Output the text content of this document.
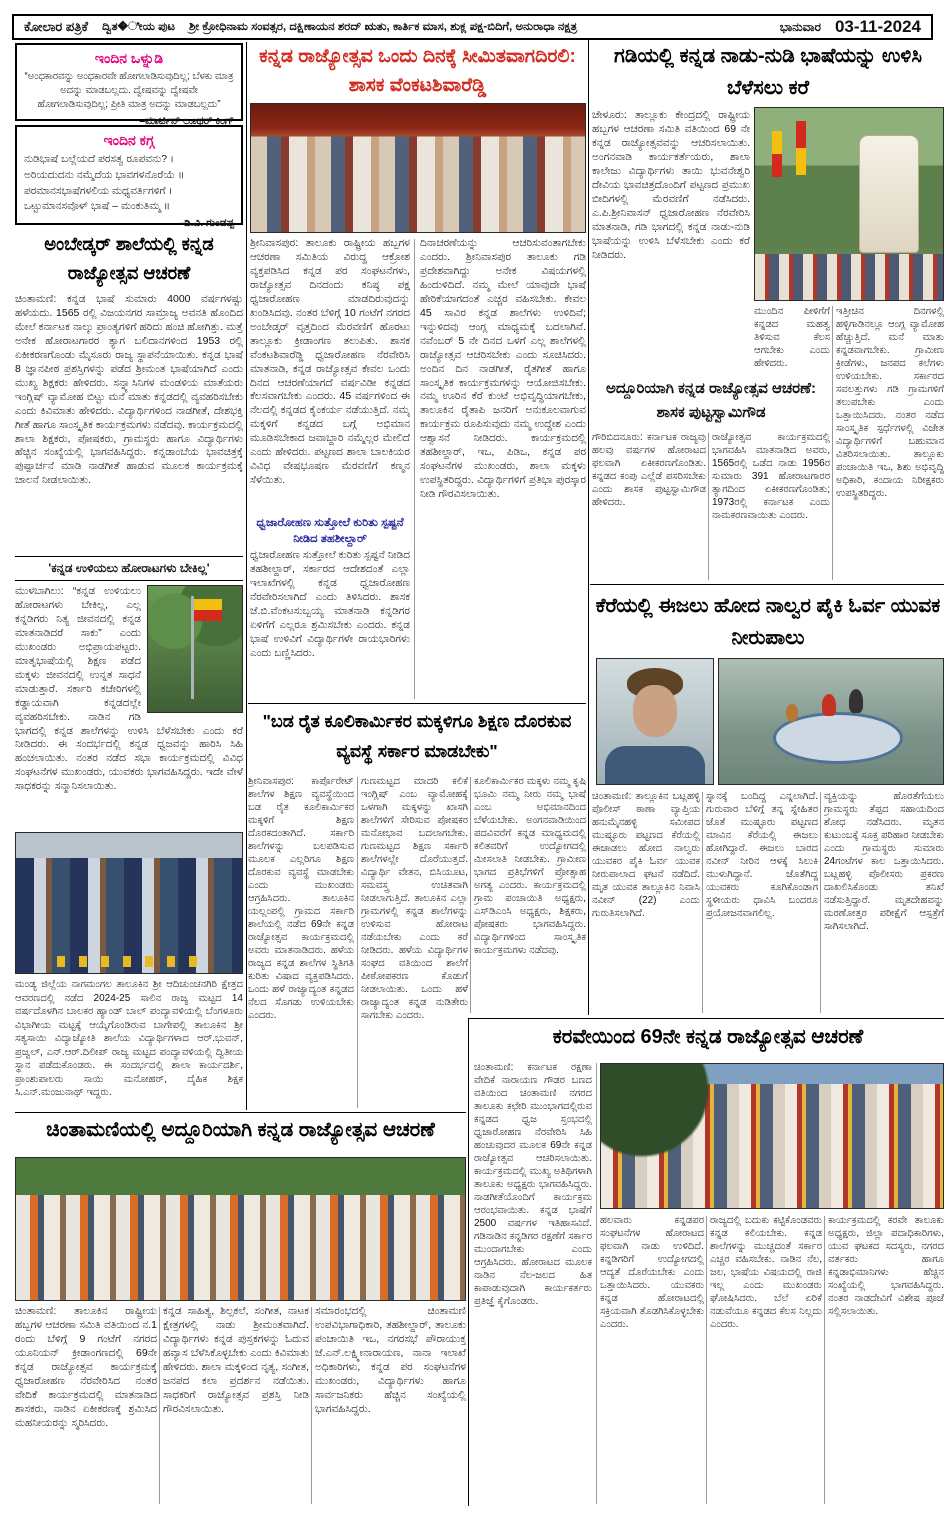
ಕೋಲಾರ ಪತ್ರಿಕೆ ದ್ವಿತ�ೀಯ ಪುಟ ಶ್ರೀ ಕ್ರೋಧಿನಾಮ ಸಂವತ್ಸರ, ದಕ್ಷಿಣಾಯನ ಶರದ್ ಋತು, ಕಾರ್ತಿಕ ಮಾಸ, ಶುಕ್ಲ ಪಕ್ಷ-ಬಿದಿಗೆ, ಅನುರಾಧಾ ನಕ್ಷತ್ರ	ಭಾನುವಾರ 03-11-2024
ಇಂದಿನ ಒಳ್ನುಡಿ
“ಅಂಧಕಾರವನ್ನು ಅಂಧಕಾರವೇ ಹೋಗಲಾಡಿಸುವುದಿಲ್ಲ; ಬೆಳಕು ಮಾತ್ರ ಅದನ್ನು ಮಾಡಬಲ್ಲದು. ದ್ವೇಷವನ್ನು ದ್ವೇಷವೇ ಹೋಗಲಾಡಿಸುವುದಿಲ್ಲ; ಪ್ರೀತಿ ಮಾತ್ರ ಅದನ್ನು ಮಾಡಬಲ್ಲದು”
–ಮಾರ್ಟಿನ್ ಲೂಥರ್ ಕಿಂಗ್
ಇಂದಿನ ಕಗ್ಗ
ನುಡಿಭಾಷೆ ಬಲ್ಲೆಯದೆ ಪರಸತ್ವ ರೂಪವನು? ।
ಅರಿಯದುದನು ನಮ್ಮೆದೆಯ ಭಾವಗಳನೊರೆಯೆ ॥
ಪರಮಾನಸಭಾಷೆಗಳಲಿಯ ಮಧ್ಯವರ್ತಿಗಳಿಗೆ ।
ಒಟ್ಟುಮಾನಸವೊಳ್ ಭಾಷೆ – ಮಂಕುತಿಮ್ಮ ॥
-ಡಿ.ವಿ. ಗುಂಡಪ್ಪ
ಅಂಬೇಡ್ಕರ್ ಶಾಲೆಯಲ್ಲಿ ಕನ್ನಡ ರಾಜ್ಯೋತ್ಸವ ಆಚರಣೆ
ಚಿಂತಾಮಣಿ: ಕನ್ನಡ ಭಾಷೆ ಸುಮಾರು 4000 ವರ್ಷಗಳಷ್ಟು ಹಳೆಯದು. 1565 ರಲ್ಲಿ ವಿಜಯನಗರ ಸಾಮ್ರಾಜ್ಯ ಅವನತಿ ಹೊಂದಿದ ಮೇಲೆ ಕರ್ನಾಟಕ ನಾಲ್ಕು ಪ್ರಾಂತ್ಯಗಳಿಗೆ ಹರಿದು ಹಂಚಿ ಹೋಗಿತ್ತು. ಮತ್ತೆ ಅನೇಕ ಹೋರಾಟಗಾರರ ತ್ಯಾಗ ಬಲಿದಾನಗಳಿಂದ 1953 ರಲ್ಲಿ ಏಕೀಕರಣಗೊಂಡು ಮೈಸೂರು ರಾಜ್ಯ ಸ್ಥಾಪನೆಯಾಯಿತು. ಕನ್ನಡ ಭಾಷೆ 8 ಜ್ಞಾನಪೀಠ ಪ್ರಶಸ್ತಿಗಳನ್ನು ಪಡೆದ ಶ್ರೀಮಂತ ಭಾಷೆಯಾಗಿದೆ ಎಂದು ಮುಖ್ಯ ಶಿಕ್ಷಕರು ಹೇಳಿದರು. ಸನ್ನ್ಯಾಸಿನಿಗಳ ಮಂಡಳಿಯ ಮಾತೆಯರು ಇಂಗ್ಲಿಷ್ ವ್ಯಾಮೋಹ ಬಿಟ್ಟು ಮನೆ ಮಾತು ಕನ್ನಡದಲ್ಲಿ ವ್ಯವಹರಿಸಬೇಕು ಎಂದು ಕಿವಿಮಾತು ಹೇಳಿದರು. ವಿದ್ಯಾರ್ಥಿಗಳಿಂದ ನಾಡಗೀತೆ, ದೇಶಭಕ್ತಿ ಗೀತೆ ಹಾಗೂ ಸಾಂಸ್ಕೃತಿಕ ಕಾರ್ಯಕ್ರಮಗಳು ನಡೆದವು. ಕಾರ್ಯಕ್ರಮದಲ್ಲಿ ಶಾಲಾ ಶಿಕ್ಷಕರು, ಪೋಷಕರು, ಗ್ರಾಮಸ್ಥರು ಹಾಗೂ ವಿದ್ಯಾರ್ಥಿಗಳು ಹೆಚ್ಚಿನ ಸಂಖ್ಯೆಯಲ್ಲಿ ಭಾಗವಹಿಸಿದ್ದರು. ಕನ್ನಡಾಂಬೆಯ ಭಾವಚಿತ್ರಕ್ಕೆ ಪುಷ್ಪಾರ್ಚನೆ ಮಾಡಿ ನಾಡಗೀತೆ ಹಾಡುವ ಮೂಲಕ ಕಾರ್ಯಕ್ರಮಕ್ಕೆ ಚಾಲನೆ ನೀಡಲಾಯಿತು.
'ಕನ್ನಡ ಉಳಿಯಲು ಹೋರಾಟಗಳು ಬೇಕಿಲ್ಲ'
ಮುಳಬಾಗಿಲು: “ಕನ್ನಡ ಉಳಿಯಲು ಹೋರಾಟಗಳು ಬೇಕಿಲ್ಲ, ಎಲ್ಲ ಕನ್ನಡಿಗರು ನಿತ್ಯ ಜೀವನದಲ್ಲಿ ಕನ್ನಡ ಮಾತನಾಡಿದರೆ ಸಾಕು” ಎಂದು ಮುಖಂಡರು ಅಭಿಪ್ರಾಯಪಟ್ಟರು. ಮಾತೃಭಾಷೆಯಲ್ಲಿ ಶಿಕ್ಷಣ ಪಡೆದ ಮಕ್ಕಳು ಜೀವನದಲ್ಲಿ ಉನ್ನತ ಸಾಧನೆ ಮಾಡುತ್ತಾರೆ. ಸರ್ಕಾರಿ ಕಚೇರಿಗಳಲ್ಲಿ ಕಡ್ಡಾಯವಾಗಿ ಕನ್ನಡದಲ್ಲೇ ವ್ಯವಹರಿಸಬೇಕು. ನಾಡಿನ ಗಡಿ ಭಾಗದಲ್ಲಿ ಕನ್ನಡ ಶಾಲೆಗಳನ್ನು ಉಳಿಸಿ ಬೆಳೆಸಬೇಕು ಎಂದು ಕರೆ ನೀಡಿದರು. ಈ ಸಂದರ್ಭದಲ್ಲಿ ಕನ್ನಡ ಧ್ವಜವನ್ನು ಹಾರಿಸಿ ಸಿಹಿ ಹಂಚಲಾಯಿತು. ನಂತರ ನಡೆದ ಸಭಾ ಕಾರ್ಯಕ್ರಮದಲ್ಲಿ ವಿವಿಧ ಸಂಘಟನೆಗಳ ಮುಖಂಡರು, ಯುವಕರು ಭಾಗವಹಿಸಿದ್ದರು. ಇದೇ ವೇಳೆ ಸಾಧಕರನ್ನು ಸನ್ಮಾನಿಸಲಾಯಿತು.
ಮಂಡ್ಯ ಜಿಲ್ಲೆಯ ನಾಗಮಂಗಲ ತಾಲೂಕಿನ ಶ್ರೀ ಆದಿಚುಂಚನಗಿರಿ ಕ್ಷೇತ್ರದ ಆವರಣದಲ್ಲಿ ನಡೆದ 2024-25 ಸಾಲಿನ ರಾಜ್ಯ ಮಟ್ಟದ 14 ವರ್ಷದೊಳಗಿನ ಬಾಲಕರ ಹ್ಯಾಂಡ್ ಬಾಲ್ ಪಂದ್ಯಾವಳಿಯಲ್ಲಿ ಬೆಂಗಳೂರು ವಿಭಾಗೀಯ ಮಟ್ಟಕ್ಕೆ ಆಯ್ಕೆಗೊಂಡಿರುವ ಬಾಗೇಪಲ್ಲಿ ತಾಲೂಕಿನ ಶ್ರೀ ಸತ್ಯಸಾಯಿ ವಿದ್ಯಾಜ್ಯೋತಿ ಶಾಲೆಯ ವಿದ್ಯಾರ್ಥಿಗಳಾದ ಆರ್.ಭುವನ್, ಪ್ರಜ್ವಲ್, ಎನ್.ಆರ್.ದಿಲೀಪ್ ರಾಜ್ಯ ಮಟ್ಟದ ಪಂದ್ಯಾವಳಿಯಲ್ಲಿ ದ್ವಿತೀಯ ಸ್ಥಾನ ಪಡೆದುಕೊಂಡರು. ಈ ಸಂದರ್ಭದಲ್ಲಿ ಶಾಲಾ ಕಾರ್ಯದರ್ಶಿ, ಪ್ರಾಂಶುಪಾಲರು ಸಾಯಿ ಮನೋಹರ್, ದೈಹಿಕ ಶಿಕ್ಷಕ ಸಿ.ಎನ್.ಮಂಜುನಾಥ್ ಇದ್ದರು.
ಕನ್ನಡ ರಾಜ್ಯೋತ್ಸವ ಒಂದು ದಿನಕ್ಕೆ ಸೀಮಿತವಾಗದಿರಲಿ: ಶಾಸಕ ವೆಂಕಟಶಿವಾರೆಡ್ಡಿ
ಶ್ರೀನಿವಾಸಪುರ: ತಾಲೂಕು ರಾಷ್ಟ್ರೀಯ ಹಬ್ಬಗಳ ಆಚರಣಾ ಸಮಿತಿಯ ವಿರುದ್ಧ ಆಕ್ರೋಶ ವ್ಯಕ್ತಪಡಿಸಿದ ಕನ್ನಡ ಪರ ಸಂಘಟನೆಗಳು, ರಾಜ್ಯೋತ್ಸವ ದಿನದಂದು ಕನಿಷ್ಠ ಪಕ್ಷ ಧ್ವಜಾರೋಹಣ ಮಾಡದಿರುವುದನ್ನು ಖಂಡಿಸಿದವು. ನಂತರ ಬೆಳಿಗ್ಗೆ 10 ಗಂಟೆಗೆ ನಗರದ ಅಂಬೇಡ್ಕರ್ ವೃತ್ತದಿಂದ ಮೆರವಣಿಗೆ ಹೊರಟು ತಾಲ್ಲೂಕು ಕ್ರೀಡಾಂಗಣ ತಲುಪಿತು. ಶಾಸಕ ವೆಂಕಟಶಿವಾರೆಡ್ಡಿ ಧ್ವಜಾರೋಹಣ ನೆರವೇರಿಸಿ ಮಾತನಾಡಿ, ಕನ್ನಡ ರಾಜ್ಯೋತ್ಸವ ಕೇವಲ ಒಂದು ದಿನದ ಆಚರಣೆಯಾಗದೆ ವರ್ಷವಿಡೀ ಕನ್ನಡದ ಕೆಲಸವಾಗಬೇಕು ಎಂದರು. 45 ವರ್ಷಗಳಿಂದ ಈ ನೆಲದಲ್ಲಿ ಕನ್ನಡದ ಕೈಂಕರ್ಯ ನಡೆಯುತ್ತಿದೆ. ನಮ್ಮ ಮಕ್ಕಳಿಗೆ ಕನ್ನಡದ ಬಗ್ಗೆ ಅಭಿಮಾನ ಮೂಡಿಸಬೇಕಾದ ಜವಾಬ್ದಾರಿ ನಮ್ಮೆಲ್ಲರ ಮೇಲಿದೆ ಎಂದು ಹೇಳಿದರು. ಪಟ್ಟಣದ ಶಾಲಾ ಬಾಲಕಿಯರ ವಿವಿಧ ವೇಷಭೂಷಣ ಮೆರವಣಿಗೆ ಕಣ್ಮನ ಸೆಳೆಯಿತು.
ಧ್ವಜಾರೋಹಣ ಸುತ್ತೋಲೆ ಕುರಿತು ಸ್ಪಷ್ಟನೆ ನೀಡಿದ ತಹಶೀಲ್ದಾರ್
ಧ್ವಜಾರೋಹಣ ಸುತ್ತೋಲೆ ಕುರಿತು ಸ್ಪಷ್ಟನೆ ನೀಡಿದ ತಹಶೀಲ್ದಾರ್, ಸರ್ಕಾರದ ಆದೇಶದಂತೆ ಎಲ್ಲಾ ಇಲಾಖೆಗಳಲ್ಲಿ ಕನ್ನಡ ಧ್ವಜಾರೋಹಣ ನೆರವೇರಿಸಲಾಗಿದೆ ಎಂದು ತಿಳಿಸಿದರು. ಶಾಸಕ ಜೆ.ಬಿ.ವೆಂಕಟಸುಬ್ಬಯ್ಯ ಮಾತನಾಡಿ ಕನ್ನಡಿಗರ ಏಳಿಗೆಗೆ ಎಲ್ಲರೂ ಶ್ರಮಿಸಬೇಕು ಎಂದರು. ಕನ್ನಡ ಭಾಷೆ ಉಳಿವಿಗೆ ವಿದ್ಯಾರ್ಥಿಗಳೇ ರಾಯಭಾರಿಗಳು ಎಂದು ಬಣ್ಣಿಸಿದರು.
ದಿನಾಚರಣೆಯನ್ನು ಆಚರಿಸುವಂತಾಗಬೇಕು ಎಂದರು. ಶ್ರೀನಿವಾಸಪುರ ತಾಲೂಕು ಗಡಿ ಪ್ರದೇಶವಾಗಿದ್ದು ಅನೇಕ ವಿಷಯಗಳಲ್ಲಿ ಹಿಂದುಳಿದಿದೆ. ನಮ್ಮ ಮೇಲೆ ಯಾವುದೇ ಭಾಷೆ ಹೇರಿಕೆಯಾಗದಂತೆ ಎಚ್ಚರ ವಹಿಸಬೇಕು. ಕೇವಲ 45 ಸಾವಿರ ಕನ್ನಡ ಶಾಲೆಗಳು ಉಳಿದಿವೆ; ಇನ್ನುಳಿದವು ಆಂಗ್ಲ ಮಾಧ್ಯಮಕ್ಕೆ ಬದಲಾಗಿವೆ. ನವೆಂಬರ್ 5 ನೇ ದಿನದ ಒಳಗೆ ಎಲ್ಲ ಶಾಲೆಗಳಲ್ಲಿ ರಾಜ್ಯೋತ್ಸವ ಆಚರಿಸಬೇಕು ಎಂದು ಸೂಚಿಸಿದರು. ಅಂದಿನ ದಿನ ನಾಡಗೀತೆ, ರೈತಗೀತೆ ಹಾಗೂ ಸಾಂಸ್ಕೃತಿಕ ಕಾರ್ಯಕ್ರಮಗಳನ್ನು ಆಯೋಜಿಸಬೇಕು. ನಮ್ಮ ಊರಿನ ಕೆರೆ ಕುಂಟೆ ಅಭಿವೃದ್ಧಿಯಾಗಬೇಕು, ತಾಲೂಕಿನ ರೈತಾಪಿ ಜನರಿಗೆ ಅನುಕೂಲವಾಗುವ ಕಾರ್ಯಕ್ರಮ ರೂಪಿಸುವುದು ನಮ್ಮ ಉದ್ದೇಶ ಎಂದು ಆಶ್ವಾಸನೆ ನೀಡಿದರು. ಕಾರ್ಯಕ್ರಮದಲ್ಲಿ ತಹಶೀಲ್ದಾರ್, ಇಒ, ಪಿಡಿಒ, ಕನ್ನಡ ಪರ ಸಂಘಟನೆಗಳ ಮುಖಂಡರು, ಶಾಲಾ ಮಕ್ಕಳು ಉಪಸ್ಥಿತರಿದ್ದರು. ವಿದ್ಯಾರ್ಥಿಗಳಿಗೆ ಪ್ರತಿಭಾ ಪುರಸ್ಕಾರ ನೀಡಿ ಗೌರವಿಸಲಾಯಿತು.
"ಬಡ ರೈತ ಕೂಲಿಕಾರ್ಮಿಕರ ಮಕ್ಕಳಿಗೂ ಶಿಕ್ಷಣ ದೊರಕುವ ವ್ಯವಸ್ಥೆ ಸರ್ಕಾರ ಮಾಡಬೇಕು"
ಶ್ರೀನಿವಾಸಪುರ: ಕಾರ್ಪೊರೇಟ್ ಶಾಲೆಗಳ ಶಿಕ್ಷಣ ವ್ಯವಸ್ಥೆಯಿಂದ ಬಡ ರೈತ ಕೂಲಿಕಾರ್ಮಿಕರ ಮಕ್ಕಳಿಗೆ ಶಿಕ್ಷಣ ದೊರಕದಂತಾಗಿದೆ. ಸರ್ಕಾರಿ ಶಾಲೆಗಳನ್ನು ಬಲಪಡಿಸುವ ಮೂಲಕ ಎಲ್ಲರಿಗೂ ಶಿಕ್ಷಣ ದೊರಕುವ ವ್ಯವಸ್ಥೆ ಮಾಡಬೇಕು ಎಂದು ಮುಖಂಡರು ಆಗ್ರಹಿಸಿದರು. ತಾಲೂಕಿನ ಯಲ್ಲಂಪಲ್ಲಿ ಗ್ರಾಮದ ಸರ್ಕಾರಿ ಶಾಲೆಯಲ್ಲಿ ನಡೆದ 69ನೇ ಕನ್ನಡ ರಾಜ್ಯೋತ್ಸವ ಕಾರ್ಯಕ್ರಮದಲ್ಲಿ ಅವರು ಮಾತನಾಡಿದರು. ಹಳೆಯ ರಾಜ್ಯದ ಕನ್ನಡ ಶಾಲೆಗಳ ಸ್ಥಿತಿಗತಿ ಕುರಿತು ವಿಷಾದ ವ್ಯಕ್ತಪಡಿಸಿದರು. ಒಂದು ಹಳೆ ರಾಜ್ಯಾದ್ಯಂತ ಕನ್ನಡದ ನೆಲದ ಸೊಗಡು ಉಳಿಯಬೇಕು ಎಂದರು.
ಗುಣಮಟ್ಟದ ಮಾದರಿ ಕಲಿಕೆ ಇಂಗ್ಲಿಷ್ ಎಂಬ ವ್ಯಾಮೋಹಕ್ಕೆ ಒಳಗಾಗಿ ಮಕ್ಕಳನ್ನು ಖಾಸಗಿ ಶಾಲೆಗಳಿಗೆ ಸೇರಿಸುವ ಪೋಷಕರ ಮನೋಭಾವ ಬದಲಾಗಬೇಕು. ಗುಣಮಟ್ಟದ ಶಿಕ್ಷಣ ಸರ್ಕಾರಿ ಶಾಲೆಗಳಲ್ಲೇ ದೊರೆಯುತ್ತದೆ. ವಿದ್ಯಾರ್ಥಿ ವೇತನ, ಬಿಸಿಯೂಟ, ಸಮವಸ್ತ್ರ ಉಚಿತವಾಗಿ ನೀಡಲಾಗುತ್ತಿದೆ. ತಾಲೂಕಿನ ಎಲ್ಲಾ ಗ್ರಾಮಗಳಲ್ಲಿ ಕನ್ನಡ ಶಾಲೆಗಳನ್ನು ಉಳಿಸುವ ಹೋರಾಟ ನಡೆಯಬೇಕು ಎಂದು ಕರೆ ನೀಡಿದರು. ಹಳೆಯ ವಿದ್ಯಾರ್ಥಿಗಳ ಸಂಘದ ವತಿಯಿಂದ ಶಾಲೆಗೆ ಪೀಠೋಪಕರಣ ಕೊಡುಗೆ ನೀಡಲಾಯಿತು. ಒಂದು ಹಳೆ ರಾಜ್ಯಾದ್ಯಂತ ಕನ್ನಡ ನುಡಿತೇರು ಸಾಗಬೇಕು ಎಂದರು.
ಕೂಲಿಕಾರ್ಮಿಕರ ಮಕ್ಕಳು ನಮ್ಮ ಕೃಷಿ ಭೂಮಿ ನಮ್ಮ ನೀರು ನಮ್ಮ ಭಾಷೆ ಎಂಬ ಅಭಿಮಾನದಿಂದ ಬೆಳೆಯಬೇಕು. ಅಂಗನವಾಡಿಯಿಂದ ಪದವಿವರೆಗೆ ಕನ್ನಡ ಮಾಧ್ಯಮದಲ್ಲಿ ಕಲಿತವರಿಗೆ ಉದ್ಯೋಗದಲ್ಲಿ ಮೀಸಲಾತಿ ನೀಡಬೇಕು. ಗ್ರಾಮೀಣ ಭಾಗದ ಪ್ರತಿಭೆಗಳಿಗೆ ಪ್ರೋತ್ಸಾಹ ಅಗತ್ಯ ಎಂದರು. ಕಾರ್ಯಕ್ರಮದಲ್ಲಿ ಗ್ರಾಮ ಪಂಚಾಯಿತಿ ಅಧ್ಯಕ್ಷರು, ಎಸ್‌ಡಿಎಂಸಿ ಅಧ್ಯಕ್ಷರು, ಶಿಕ್ಷಕರು, ಪೋಷಕರು ಭಾಗವಹಿಸಿದ್ದರು. ವಿದ್ಯಾರ್ಥಿಗಳಿಂದ ಸಾಂಸ್ಕೃತಿಕ ಕಾರ್ಯಕ್ರಮಗಳು ನಡೆದವು.
ಗಡಿಯಲ್ಲಿ ಕನ್ನಡ ನಾಡು-ನುಡಿ ಭಾಷೆಯನ್ನು ಉಳಿಸಿ ಬೆಳೆಸಲು ಕರೆ
ಚೇಳೂರು: ತಾಲ್ಲೂಕು ಕೇಂದ್ರದಲ್ಲಿ ರಾಷ್ಟ್ರೀಯ ಹಬ್ಬಗಳ ಆಚರಣಾ ಸಮಿತಿ ವತಿಯಿಂದ 69 ನೇ ಕನ್ನಡ ರಾಜ್ಯೋತ್ಸವವನ್ನು ಆಚರಿಸಲಾಯಿತು. ಅಂಗನವಾಡಿ ಕಾರ್ಯಕರ್ತೆಯರು, ಶಾಲಾ ಕಾಲೇಜು ವಿದ್ಯಾರ್ಥಿಗಳು ತಾಯಿ ಭುವನೇಶ್ವರಿ ದೇವಿಯ ಭಾವಚಿತ್ರದೊಂದಿಗೆ ಪಟ್ಟಣದ ಪ್ರಮುಖ ಬೀದಿಗಳಲ್ಲಿ ಮೆರವಣಿಗೆ ನಡೆಸಿದರು. ಎ.ಪಿ.ಶ್ರೀನಿವಾಸನ್ ಧ್ವಜಾರೋಹಣ ನೆರವೇರಿಸಿ ಮಾತನಾಡಿ, ಗಡಿ ಭಾಗದಲ್ಲಿ ಕನ್ನಡ ನಾಡು-ನುಡಿ ಭಾಷೆಯನ್ನು ಉಳಿಸಿ ಬೆಳೆಸಬೇಕು ಎಂದು ಕರೆ ನೀಡಿದರು.
ಮುಂದಿನ ಪೀಳಿಗೆಗೆ ಕನ್ನಡದ ಮಹತ್ವ ತಿಳಿಸುವ ಕೆಲಸ ಆಗಬೇಕು ಎಂದು ಹೇಳಿದರು.
ಇತ್ತೀಚಿನ ದಿನಗಳಲ್ಲಿ ಹಳ್ಳಿಗಾಡಿನಲ್ಲೂ ಆಂಗ್ಲ ವ್ಯಾಮೋಹ ಹೆಚ್ಚುತ್ತಿದೆ. ಮನೆ ಮಾತು ಕನ್ನಡವಾಗಬೇಕು. ಗ್ರಾಮೀಣ ಕ್ರೀಡೆಗಳು, ಜನಪದ ಕಲೆಗಳು ಉಳಿಯಬೇಕು. ಸರ್ಕಾರದ ಸವಲತ್ತುಗಳು ಗಡಿ ಗ್ರಾಮಗಳಿಗೆ ತಲುಪಬೇಕು ಎಂದು ಒತ್ತಾಯಿಸಿದರು. ನಂತರ ನಡೆದ ಸಾಂಸ್ಕೃತಿಕ ಸ್ಪರ್ಧೆಗಳಲ್ಲಿ ವಿಜೇತ ವಿದ್ಯಾರ್ಥಿಗಳಿಗೆ ಬಹುಮಾನ ವಿತರಿಸಲಾಯಿತು. ತಾಲ್ಲೂಕು ಪಂಚಾಯಿತಿ ಇಒ, ಶಿಶು ಅಭಿವೃದ್ಧಿ ಅಧಿಕಾರಿ, ಕಂದಾಯ ನಿರೀಕ್ಷಕರು ಉಪಸ್ಥಿತರಿದ್ದರು.
ಅದ್ದೂರಿಯಾಗಿ ಕನ್ನಡ ರಾಜ್ಯೋತ್ಸವ ಆಚರಣೆ: ಶಾಸಕ ಪುಟ್ಟಸ್ವಾಮಿಗೌಡ
ಗೌರಿಬಿದನೂರು: ಕರ್ನಾಟಕ ರಾಜ್ಯವು ಹಲವು ವರ್ಷಗಳ ಹೋರಾಟದ ಫಲವಾಗಿ ಏಕೀಕರಣಗೊಂಡಿತು. ಕನ್ನಡದ ಕಂಪು ಎಲ್ಲೆಡೆ ಪಸರಿಸಬೇಕು ಎಂದು ಶಾಸಕ ಪುಟ್ಟಸ್ವಾಮಿಗೌಡ ಹೇಳಿದರು.
ರಾಜ್ಯೋತ್ಸವ ಕಾರ್ಯಕ್ರಮದಲ್ಲಿ ಭಾಗವಹಿಸಿ ಮಾತನಾಡಿದ ಅವರು, 1565ರಲ್ಲಿ ಒಡೆದ ನಾಡು 1956ರ ಸುಮಾರು 391 ಹೋರಾಟಗಾರರ ತ್ಯಾಗದಿಂದ ಏಕೀಕರಣಗೊಂಡಿತು; 1973ರಲ್ಲಿ ಕರ್ನಾಟಕ ಎಂದು ನಾಮಕರಣವಾಯಿತು ಎಂದರು.
ಕೆರೆಯಲ್ಲಿ ಈಜಲು ಹೋದ ನಾಲ್ವರ ಪೈಕಿ ಓರ್ವ ಯುವಕ ನೀರುಪಾಲು
ಚಿಂತಾಮಣಿ: ತಾಲ್ಲೂಕಿನ ಬಟ್ಲಹಳ್ಳಿ ಪೊಲೀಸ್ ಠಾಣಾ ವ್ಯಾಪ್ತಿಯ ಹನುಮೈನಹಳ್ಳಿ ಸಮೀಪದ ಮುಷ್ಟೂರು ಪಟ್ಟಣದ ಕೆರೆಯಲ್ಲಿ ಈಜಾಡಲು ಹೋದ ನಾಲ್ವರು ಯುವಕರ ಪೈಕಿ ಓರ್ವ ಯುವಕ ನೀರುಪಾಲಾದ ಘಟನೆ ನಡೆದಿದೆ. ಮೃತ ಯುವಕ ತಾಲ್ಲೂಕಿನ ನಿವಾಸಿ ನವೀನ್ (22) ಎಂದು ಗುರುತಿಸಲಾಗಿದೆ.
ಸ್ನಾನಕ್ಕೆ ಬಂದಿದ್ದ ಎನ್ನಲಾಗಿದೆ. ಗುರುವಾರ ಬೆಳಿಗ್ಗೆ ತನ್ನ ಸ್ನೇಹಿತರ ಜೊತೆ ಮುಷ್ಟೂರು ಪಟ್ಟಣದ ಮಾವಿನ ಕೆರೆಯಲ್ಲಿ ಈಜಲು ಹೋಗಿದ್ದಾರೆ. ಈಜಲು ಬಾರದ ನವೀನ್ ನೀರಿನ ಆಳಕ್ಕೆ ಸಿಲುಕಿ ಮುಳುಗಿದ್ದಾನೆ. ಜೊತೆಗಿದ್ದ ಯುವಕರು ಕೂಗಿಕೊಂಡಾಗ ಸ್ಥಳೀಯರು ಧಾವಿಸಿ ಬಂದರೂ ಪ್ರಯೋಜನವಾಗಲಿಲ್ಲ.
ವ್ಯಕ್ತಿಯನ್ನು ಹೊರತೆಗೆಯಲು ಗ್ರಾಮಸ್ಥರು ತೆಪ್ಪದ ಸಹಾಯದಿಂದ ಶೋಧ ನಡೆಸಿದರು. ಮೃತನ ಕುಟುಂಬಕ್ಕೆ ಸೂಕ್ತ ಪರಿಹಾರ ನೀಡಬೇಕು ಎಂದು ಗ್ರಾಮಸ್ಥರು ಸುಮಾರು 24ಗಂಟೆಗಳ ಕಾಲ ಒತ್ತಾಯಿಸಿದರು. ಬಟ್ಲಹಳ್ಳಿ ಪೊಲೀಸರು ಪ್ರಕರಣ ದಾಖಲಿಸಿಕೊಂಡು ತನಿಖೆ ನಡೆಸುತ್ತಿದ್ದಾರೆ. ಮೃತದೇಹವನ್ನು ಮರಣೋತ್ತರ ಪರೀಕ್ಷೆಗೆ ಆಸ್ಪತ್ರೆಗೆ ಸಾಗಿಸಲಾಗಿದೆ.
ಕರವೇಯಿಂದ 69ನೇ ಕನ್ನಡ ರಾಜ್ಯೋತ್ಸವ ಆಚರಣೆ
ಚಿಂತಾಮಣಿ: ಕರ್ನಾಟಕ ರಕ್ಷಣಾ ವೇದಿಕೆ ನಾರಾಯಣ ಗೌಡರ ಬಣದ ವತಿಯಿಂದ ಚಿಂತಾಮಣಿ ನಗರದ ತಾಲೂಕು ಕಛೇರಿ ಮುಂಭಾಗದಲ್ಲಿರುವ ಕನ್ನಡದ ಧ್ವಜ ಸ್ತಂಭದಲ್ಲಿ ಧ್ವಜಾರೋಹಣ ನೆರವೇರಿಸಿ ಸಿಹಿ ಹಂಚುವುದರ ಮೂಲಕ 69ನೇ ಕನ್ನಡ ರಾಜ್ಯೋತ್ಸವ ಆಚರಿಸಲಾಯಿತು. ಕಾರ್ಯಕ್ರಮದಲ್ಲಿ ಮುಖ್ಯ ಅತಿಥಿಗಳಾಗಿ ತಾಲೂಕು ಅಧ್ಯಕ್ಷರು ಭಾಗವಹಿಸಿದ್ದರು. ನಾಡಗೀತೆಯೊಂದಿಗೆ ಕಾರ್ಯಕ್ರಮ ಆರಂಭವಾಯಿತು. ಕನ್ನಡ ಭಾಷೆಗೆ 2500 ವರ್ಷಗಳ ಇತಿಹಾಸವಿದೆ. ಗಡಿನಾಡಿನ ಕನ್ನಡಿಗರ ರಕ್ಷಣೆಗೆ ಸರ್ಕಾರ ಮುಂದಾಗಬೇಕು ಎಂದು ಆಗ್ರಹಿಸಿದರು. ಹೋರಾಟದ ಮೂಲಕ ನಾಡಿನ ನೆಲ-ಜಲದ ಹಿತ ಕಾಪಾಡುವುದಾಗಿ ಕಾರ್ಯಕರ್ತರು ಪ್ರತಿಜ್ಞೆ ಕೈಗೊಂಡರು.
ಹಲವಾರು ಕನ್ನಡಪರ ಸಂಘಟನೆಗಳ ಹೋರಾಟದ ಫಲವಾಗಿ ನಾಡು ಉಳಿದಿದೆ. ಕನ್ನಡಿಗರಿಗೆ ಉದ್ಯೋಗದಲ್ಲಿ ಆದ್ಯತೆ ದೊರೆಯಬೇಕು ಎಂದು ಒತ್ತಾಯಿಸಿದರು. ಯುವಕರು ಕನ್ನಡ ಹೋರಾಟದಲ್ಲಿ ಸಕ್ರಿಯವಾಗಿ ತೊಡಗಿಸಿಕೊಳ್ಳಬೇಕು ಎಂದರು.
ರಾಜ್ಯದಲ್ಲಿ ಬದುಕು ಕಟ್ಟಿಕೊಂಡವರು ಕನ್ನಡ ಕಲಿಯಬೇಕು. ಕನ್ನಡ ಶಾಲೆಗಳನ್ನು ಮುಚ್ಚದಂತೆ ಸರ್ಕಾರ ಎಚ್ಚರ ವಹಿಸಬೇಕು. ನಾಡಿನ ನೆಲ, ಜಲ, ಭಾಷೆಯ ವಿಷಯದಲ್ಲಿ ರಾಜಿ ಇಲ್ಲ ಎಂದು ಮುಖಂಡರು ಘೋಷಿಸಿದರು. ಬೆಲೆ ಏರಿಕೆ ನಡುವೆಯೂ ಕನ್ನಡದ ಕೆಲಸ ನಿಲ್ಲದು ಎಂದರು.
ಕಾರ್ಯಕ್ರಮದಲ್ಲಿ ಕರವೇ ತಾಲೂಕು ಅಧ್ಯಕ್ಷರು, ಜಿಲ್ಲಾ ಪದಾಧಿಕಾರಿಗಳು, ಯುವ ಘಟಕದ ಸದಸ್ಯರು, ನಗರದ ವರ್ತಕರು ಹಾಗೂ ಕನ್ನಡಾಭಿಮಾನಿಗಳು ಹೆಚ್ಚಿನ ಸಂಖ್ಯೆಯಲ್ಲಿ ಭಾಗವಹಿಸಿದ್ದರು. ನಂತರ ನಾಡದೇವಿಗೆ ವಿಶೇಷ ಪೂಜೆ ಸಲ್ಲಿಸಲಾಯಿತು.
ಚಿಂತಾಮಣಿಯಲ್ಲಿ ಅದ್ದೂರಿಯಾಗಿ ಕನ್ನಡ ರಾಜ್ಯೋತ್ಸವ ಆಚರಣೆ
ಚಿಂತಾಮಣಿ: ತಾಲೂಕಿನ ರಾಷ್ಟ್ರೀಯ ಹಬ್ಬಗಳ ಆಚರಣಾ ಸಮಿತಿ ವತಿಯಿಂದ ನ.1 ರಂದು ಬೆಳಿಗ್ಗೆ 9 ಗಂಟೆಗೆ ನಗರದ ಯೂನಿಯನ್ ಕ್ರೀಡಾಂಗಣದಲ್ಲಿ 69ನೇ ಕನ್ನಡ ರಾಜ್ಯೋತ್ಸವ ಕಾರ್ಯಕ್ರಮಕ್ಕೆ ಧ್ವಜಾರೋಹಣ ನೆರವೇರಿಸಿದ ನಂತರ ವೇದಿಕೆ ಕಾರ್ಯಕ್ರಮದಲ್ಲಿ ಮಾತನಾಡಿದ ಶಾಸಕರು, ನಾಡಿನ ಏಕೀಕರಣಕ್ಕೆ ಶ್ರಮಿಸಿದ ಮಹನೀಯರನ್ನು ಸ್ಮರಿಸಿದರು.
ಕನ್ನಡ ಸಾಹಿತ್ಯ, ಶಿಲ್ಪಕಲೆ, ಸಂಗೀತ, ನಾಟಕ ಕ್ಷೇತ್ರಗಳಲ್ಲಿ ನಾಡು ಶ್ರೀಮಂತವಾಗಿದೆ. ವಿದ್ಯಾರ್ಥಿಗಳು ಕನ್ನಡ ಪುಸ್ತಕಗಳನ್ನು ಓದುವ ಹವ್ಯಾಸ ಬೆಳೆಸಿಕೊಳ್ಳಬೇಕು ಎಂದು ಕಿವಿಮಾತು ಹೇಳಿದರು. ಶಾಲಾ ಮಕ್ಕಳಿಂದ ನೃತ್ಯ, ಸಂಗೀತ, ಜನಪದ ಕಲಾ ಪ್ರದರ್ಶನ ನಡೆಯಿತು. ಸಾಧಕರಿಗೆ ರಾಜ್ಯೋತ್ಸವ ಪ್ರಶಸ್ತಿ ನೀಡಿ ಗೌರವಿಸಲಾಯಿತು.
ಸಮಾರಂಭದಲ್ಲಿ ಚಿಂತಾಮಣಿ ಉಪವಿಭಾಗಾಧಿಕಾರಿ, ತಹಶೀಲ್ದಾರ್, ತಾಲೂಕು ಪಂಚಾಯಿತಿ ಇಒ, ನಗರಸಭೆ ಪೌರಾಯುಕ್ತ ಜೆ.ಎನ್.ಲಕ್ಷ್ಮೀನಾರಾಯಣ, ನಾನಾ ಇಲಾಖೆ ಅಧಿಕಾರಿಗಳು, ಕನ್ನಡ ಪರ ಸಂಘಟನೆಗಳ ಮುಖಂಡರು, ವಿದ್ಯಾರ್ಥಿಗಳು ಹಾಗೂ ಸಾರ್ವಜನಿಕರು ಹೆಚ್ಚಿನ ಸಂಖ್ಯೆಯಲ್ಲಿ ಭಾಗವಹಿಸಿದ್ದರು.
